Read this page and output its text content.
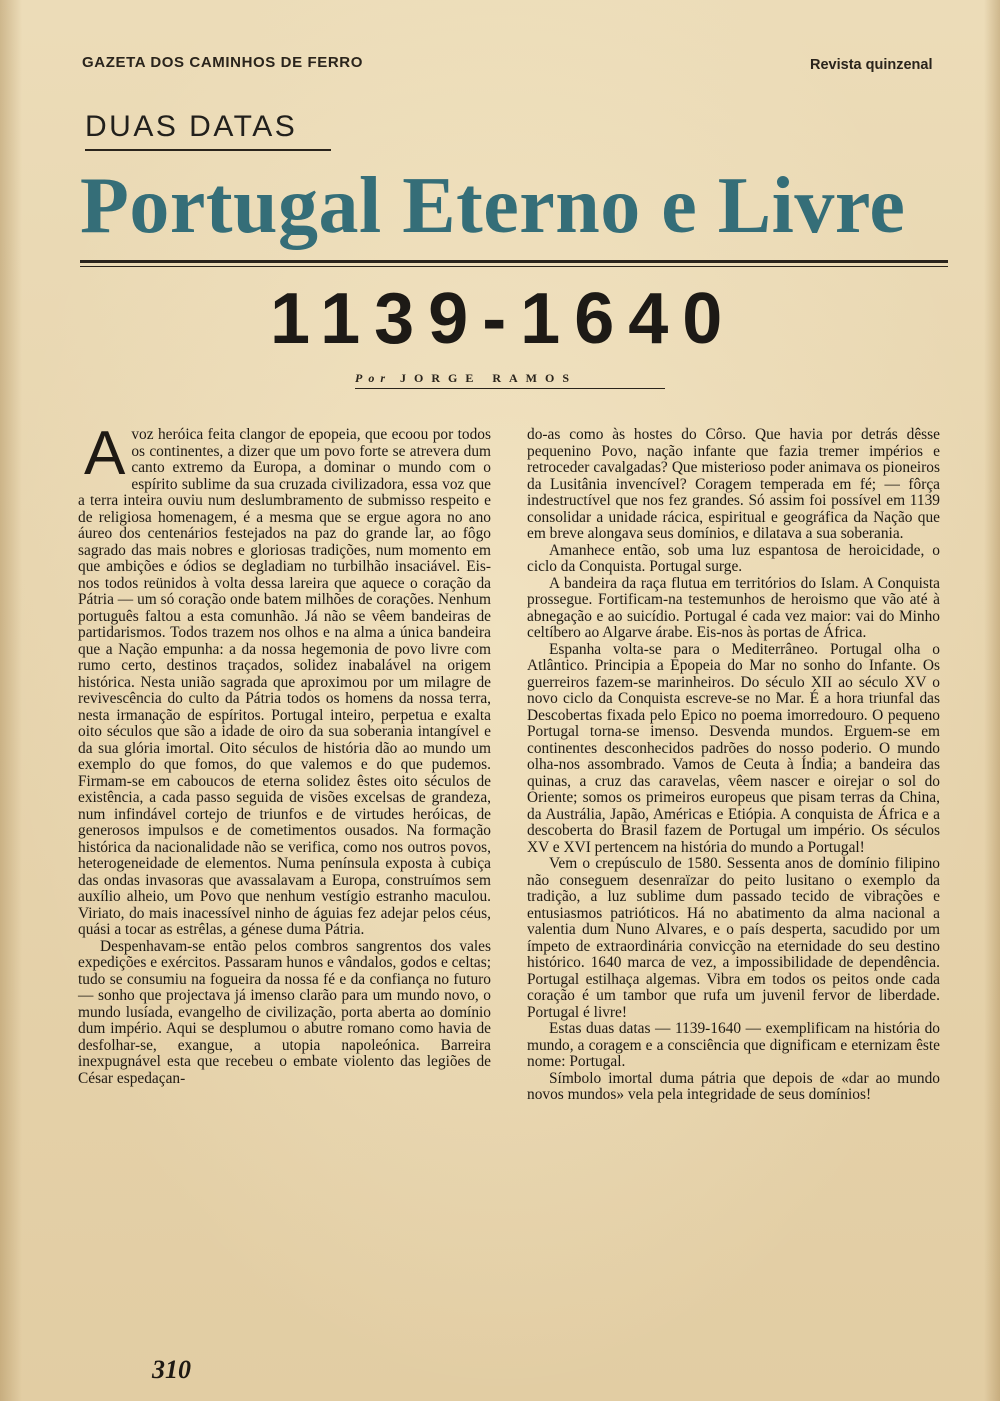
GAZETA DOS CAMINHOS DE FERRO	Revista quinzenal
DUAS DATAS
Portugal Eterno e Livre
1139-1640
Por JORGE RAMOS

Avoz heróica feita clangor de epopeia, que ecoou por todos os continentes, a dizer que um povo forte se atrevera dum canto extremo da Europa, a dominar o mundo com o espírito sublime da sua cruzada civilizadora, essa voz que a terra inteira ouviu num deslumbramento de submisso respeito e de religiosa homenagem, é a mesma que se ergue agora no ano áureo dos centenários festejados na paz do grande lar, ao fôgo sagrado das mais nobres e gloriosas tradições, num momento em que ambições e ódios se degladiam no turbilhão insaciável. Eis-nos todos reünidos à volta dessa lareira que aquece o coração da Pátria — um só coração onde batem milhões de corações. Nenhum português faltou a esta comunhão. Já não se vêem bandeiras de partidarismos. Todos trazem nos olhos e na alma a única bandeira que a Nação empunha: a da nossa hegemonia de povo livre com rumo certo, destinos traçados, solidez inabalável na origem histórica. Nesta união sagrada que aproximou por um milagre de revivescência do culto da Pátria todos os homens da nossa terra, nesta irmanação de espíritos. Portugal inteiro, perpetua e exalta oito séculos que são a idade de oiro da sua soberania intangível e da sua glória imortal. Oito séculos de história dão ao mundo um exemplo do que fomos, do que valemos e do que pudemos. Firmam-se em caboucos de eterna solidez êstes oito séculos de existência, a cada passo seguida de visões excelsas de grandeza, num infindável cortejo de triunfos e de virtudes heróicas, de generosos impulsos e de cometimentos ousados. Na formação histórica da nacionalidade não se verifica, como nos outros povos, heterogeneidade de elementos. Numa península exposta à cubiça das ondas invasoras que avassalavam a Europa, construímos sem auxílio alheio, um Povo que nenhum vestígio estranho maculou. Viriato, do mais inacessível ninho de águias fez adejar pelos céus, quási a tocar as estrêlas, a génese duma Pátria.

Despenhavam-se então pelos combros sangrentos dos vales expedições e exércitos. Passaram hunos e vândalos, godos e celtas; tudo se consumiu na fogueira da nossa fé e da confiança no futuro — sonho que projectava já imenso clarão para um mundo novo, o mundo lusíada, evangelho de civilização, porta aberta ao domínio dum império. Aqui se desplumou o abutre romano como havia de desfolhar-se, exangue, a utopia napoleónica. Barreira inexpugnável esta que recebeu o embate violento das legiões de César espedaçan-

do-as como às hostes do Côrso. Que havia por detrás dêsse pequenino Povo, nação infante que fazia tremer impérios e retroceder cavalgadas? Que misterioso poder animava os pioneiros da Lusitânia invencível? Coragem temperada em fé; — fôrça indestructível que nos fez grandes. Só assim foi possível em 1139 consolidar a unidade rácica, espiritual e geográfica da Nação que em breve alongava seus domínios, e dilatava a sua soberania.

Amanhece então, sob uma luz espantosa de heroicidade, o ciclo da Conquista. Portugal surge.

A bandeira da raça flutua em territórios do Islam. A Conquista prossegue. Fortificam-na testemunhos de heroismo que vão até à abnegação e ao suicídio. Portugal é cada vez maior: vai do Minho celtíbero ao Algarve árabe. Eis-nos às portas de África.

Espanha volta-se para o Mediterrâneo. Portugal olha o Atlântico. Principia a Epopeia do Mar no sonho do Infante. Os guerreiros fazem-se marinheiros. Do século XII ao século XV o novo ciclo da Conquista escreve-se no Mar. É a hora triunfal das Descobertas fixada pelo Epico no poema imorredouro. O pequeno Portugal torna-se imenso. Desvenda mundos. Erguem-se em continentes desconhecidos padrões do nosso poderio. O mundo olha-nos assombrado. Vamos de Ceuta à Índia; a bandeira das quinas, a cruz das caravelas, vêem nascer e oirejar o sol do Oriente; somos os primeiros europeus que pisam terras da China, da Austrália, Japão, Américas e Etiópia. A conquista de África e a descoberta do Brasil fazem de Portugal um império. Os séculos XV e XVI pertencem na história do mundo a Portugal!

Vem o crepúsculo de 1580. Sessenta anos de domínio filipino não conseguem desenraïzar do peito lusitano o exemplo da tradição, a luz sublime dum passado tecido de vibrações e entusiasmos patrióticos. Há no abatimento da alma nacional a valentia dum Nuno Alvares, e o país desperta, sacudido por um ímpeto de extraordinária convicção na eternidade do seu destino histórico. 1640 marca de vez, a impossibilidade de dependência. Portugal estilhaça algemas. Vibra em todos os peitos onde cada coração é um tambor que rufa um juvenil fervor de liberdade. Portugal é livre!

Estas duas datas — 1139-1640 — exemplificam na história do mundo, a coragem e a consciência que dignificam e eternizam êste nome: Portugal.

Símbolo imortal duma pátria que depois de «dar ao mundo novos mundos» vela pela integridade de seus domínios!

310
